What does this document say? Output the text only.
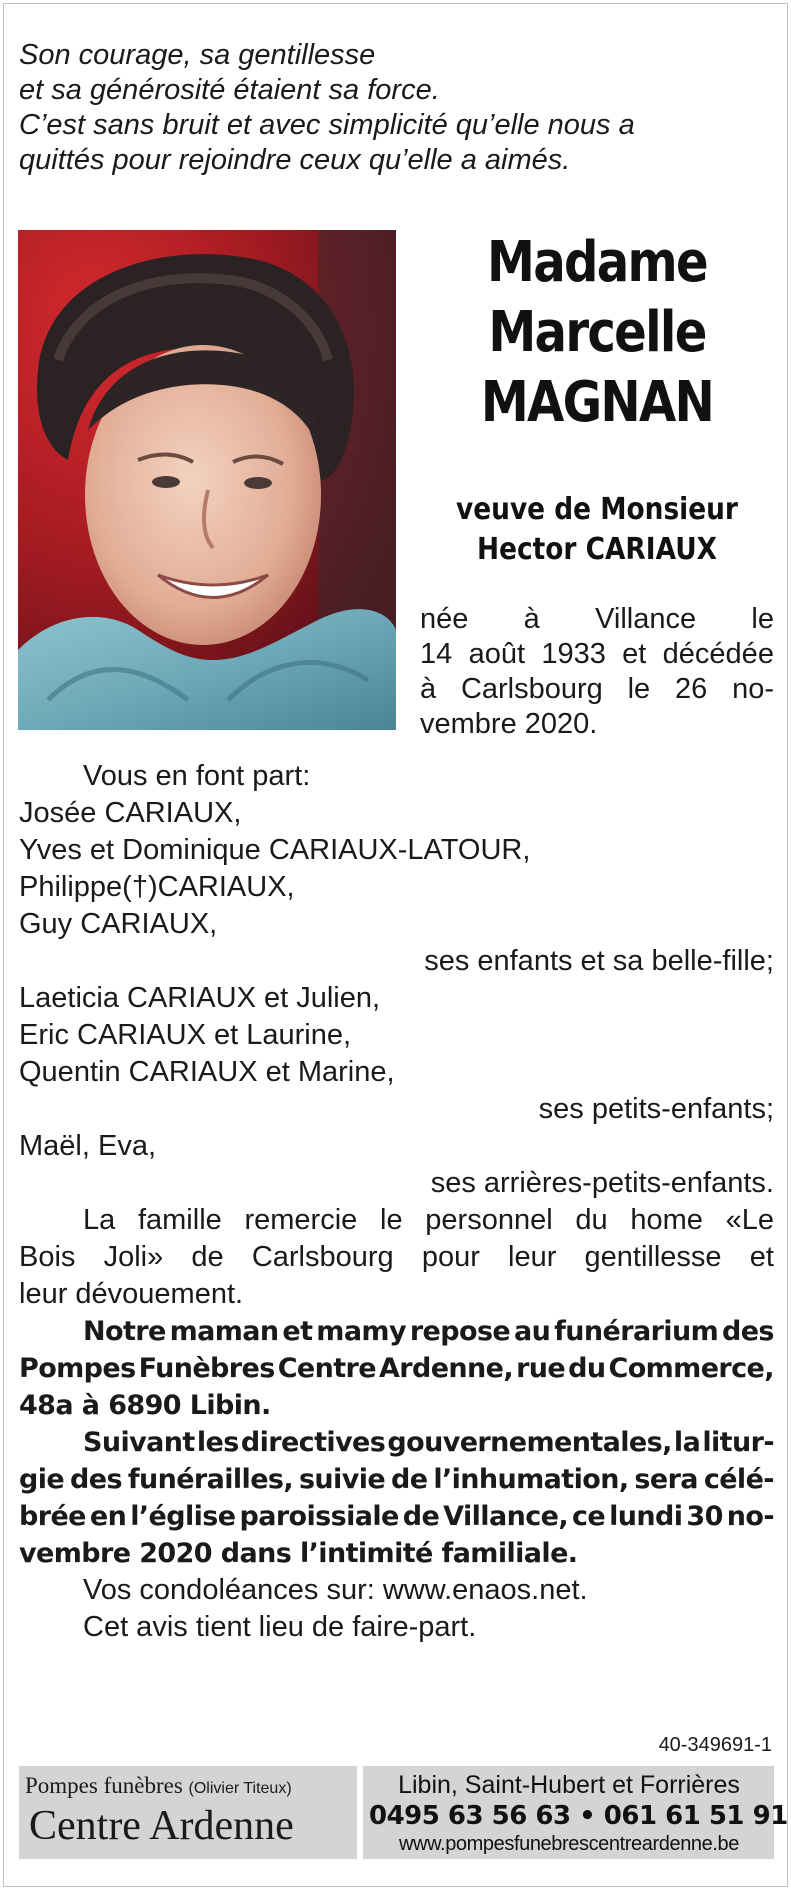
Son courage, sa gentillesse
et sa générosité étaient sa force.
C’est sans bruit et avec simplicité qu’elle nous a
quittés pour rejoindre ceux qu’elle a aimés.
Madame
Marcelle
MAGNAN
veuve de Monsieur
Hector CARIAUX
née à Villance le
14 août 1933 et décédée
à Carlsbourg le 26 no-
vembre 2020.
Vous en font part:
Josée CARIAUX,
Yves et Dominique CARIAUX-LATOUR,
Philippe(†)CARIAUX,
Guy CARIAUX,
ses enfants et sa belle-fille;
Laeticia CARIAUX et Julien,
Eric CARIAUX et Laurine,
Quentin CARIAUX et Marine,
ses petits-enfants;
Maël, Eva,
ses arrières-petits-enfants.
La famille remercie le personnel du home «Le
Bois Joli» de Carlsbourg pour leur gentillesse et
leur dévouement.
Notre maman et mamy repose au funérarium des
Pompes Funèbres Centre Ardenne, rue du Commerce,
48a à 6890 Libin.
Suivant les directives gouvernementales, la litur-
gie des funérailles, suivie de l’inhumation, sera célé-
brée en l’église paroissiale de Villance, ce lundi 30 no-
vembre 2020 dans l’intimité familiale.
Vos condoléances sur: www.enaos.net.
Cet avis tient lieu de faire-part.
40-349691-1
Pompes funèbres (Olivier Titeux)
Centre Ardenne
Libin, Saint-Hubert et Forrières
0495 63 56 63 • 061 61 51 91
www.pompesfunebrescentreardenne.be
